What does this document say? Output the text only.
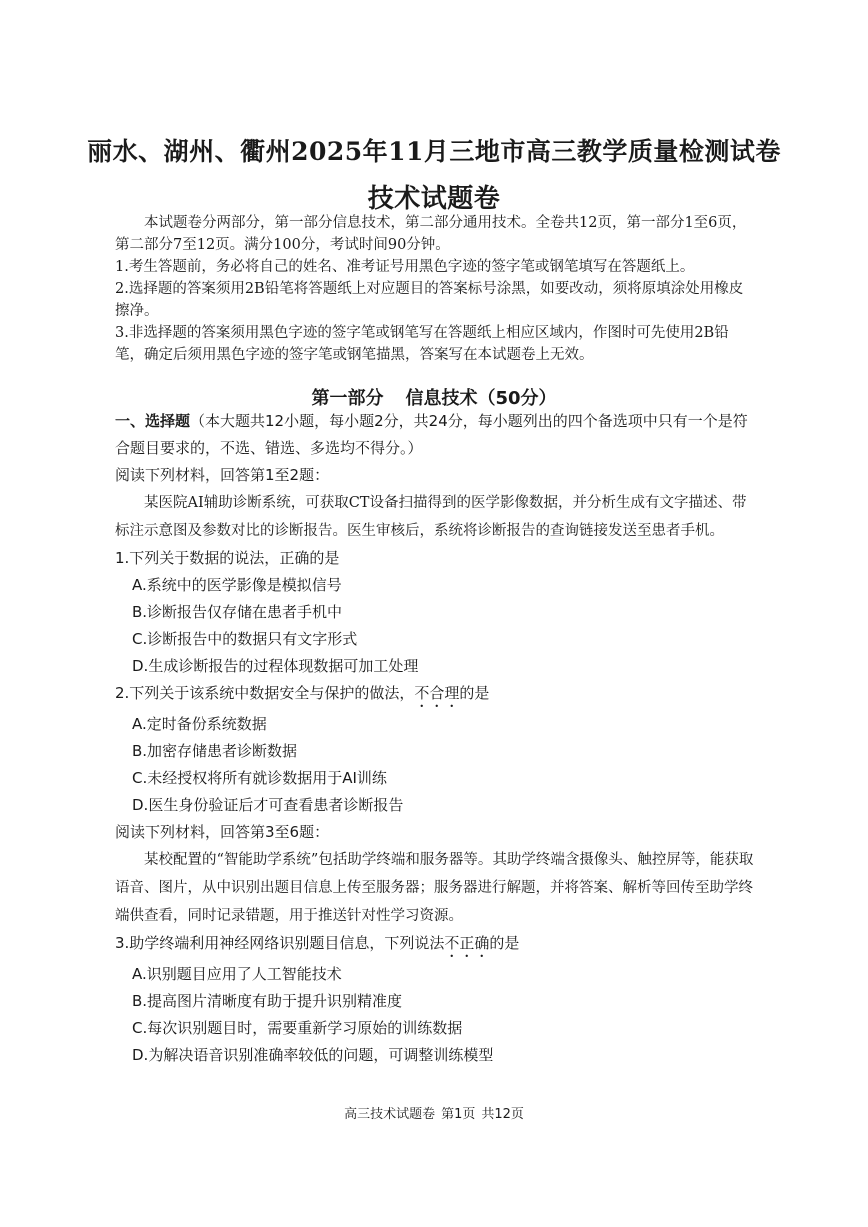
丽水、湖州、衢州2025年11月三地市高三教学质量检测试卷
技术试题卷

本试题卷分两部分，第一部分信息技术，第二部分通用技术。全卷共12页，第一部分1至6页，第二部分7至12页。满分100分，考试时间90分钟。

1.考生答题前，务必将自己的姓名、准考证号用黑色字迹的签字笔或钢笔填写在答题纸上。

2.选择题的答案须用2B铅笔将答题纸上对应题目的答案标号涂黑，如要改动，须将原填涂处用橡皮擦净。

3.非选择题的答案须用黑色字迹的签字笔或钢笔写在答题纸上相应区域内，作图时可先使用2B铅笔，确定后须用黑色字迹的签字笔或钢笔描黑，答案写在本试题卷上无效。

第一部分 信息技术（50分）

一、选择题（本大题共12小题，每小题2分，共24分，每小题列出的四个备选项中只有一个是符合题目要求的，不选、错选、多选均不得分。）

阅读下列材料，回答第1至2题：

某医院AI辅助诊断系统，可获取CT设备扫描得到的医学影像数据，并分析生成有文字描述、带标注示意图及参数对比的诊断报告。医生审核后，系统将诊断报告的查询链接发送至患者手机。

1.下列关于数据的说法，正确的是

A.系统中的医学影像是模拟信号

B.诊断报告仅存储在患者手机中

C.诊断报告中的数据只有文字形式

D.生成诊断报告的过程体现数据可加工处理

2.下列关于该系统中数据安全与保护的做法，不合理的是

A.定时备份系统数据

B.加密存储患者诊断数据

C.未经授权将所有就诊数据用于AI训练

D.医生身份验证后才可查看患者诊断报告

阅读下列材料，回答第3至6题：

某校配置的“智能助学系统”包括助学终端和服务器等。其助学终端含摄像头、触控屏等，能获取语音、图片，从中识别出题目信息上传至服务器；服务器进行解题，并将答案、解析等回传至助学终端供查看，同时记录错题，用于推送针对性学习资源。

3.助学终端利用神经网络识别题目信息，下列说法不正确的是

A.识别题目应用了人工智能技术

B.提高图片清晰度有助于提升识别精准度

C.每次识别题目时，需要重新学习原始的训练数据

D.为解决语音识别准确率较低的问题，可调整训练模型

高三技术试题卷 第1页 共12页
